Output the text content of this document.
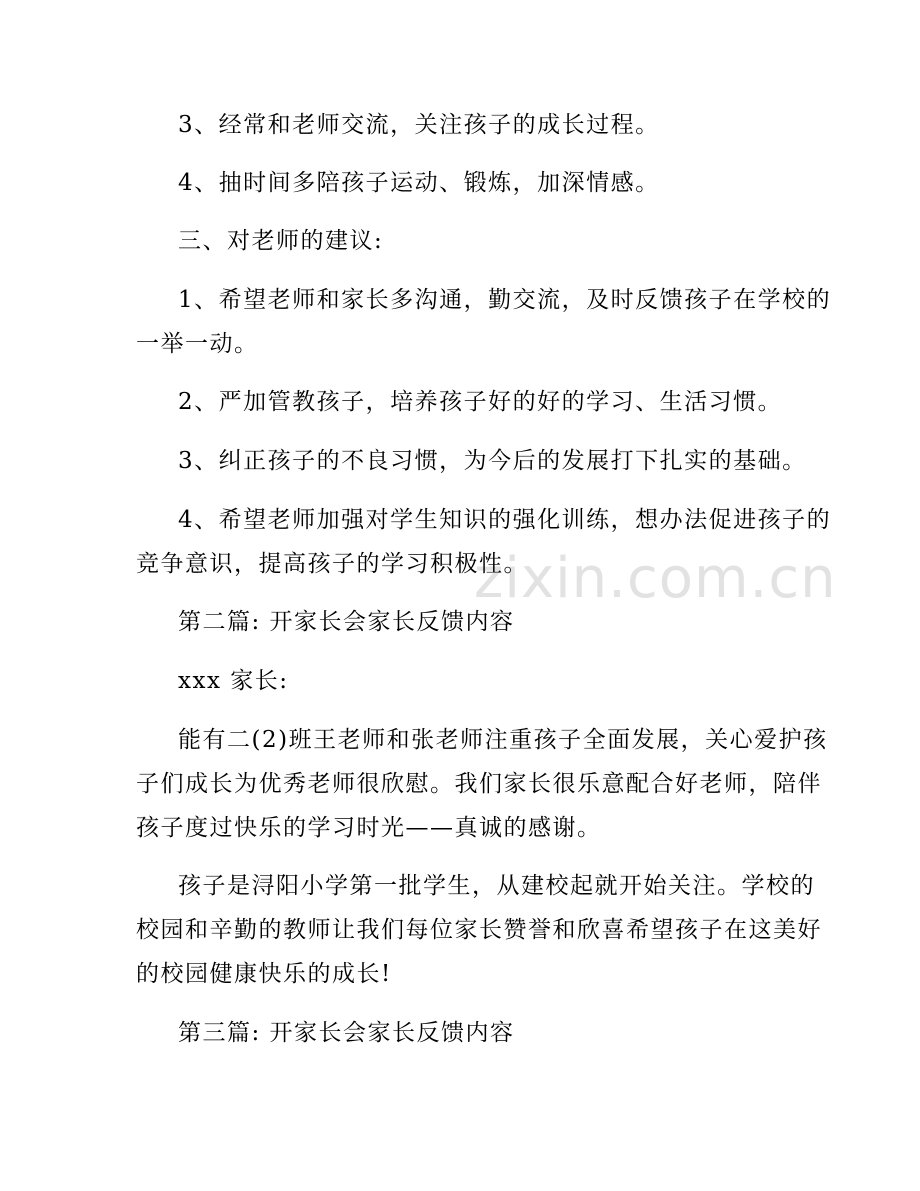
zixin.com.cn
3、经常和老师交流，关注孩子的成长过程。
4、抽时间多陪孩子运动、锻炼，加深情感。
三、对老师的建议:
1、希望老师和家长多沟通，勤交流，及时反馈孩子在学校的
一举一动。
2、严加管教孩子，培养孩子好的好的学习、生活习惯。
3、纠正孩子的不良习惯，为今后的发展打下扎实的基础。
4、希望老师加强对学生知识的强化训练，想办法促进孩子的
竞争意识，提高孩子的学习积极性。
第二篇: 开家长会家长反馈内容
xxx 家长:
能有二(2)班王老师和张老师注重孩子全面发展，关心爱护孩
子们成长为优秀老师很欣慰。我们家长很乐意配合好老师，陪伴
孩子度过快乐的学习时光——真诚的感谢。
孩子是浔阳小学第一批学生，从建校起就开始关注。学校的
校园和辛勤的教师让我们每位家长赞誉和欣喜希望孩子在这美好
的校园健康快乐的成长!
第三篇: 开家长会家长反馈内容
